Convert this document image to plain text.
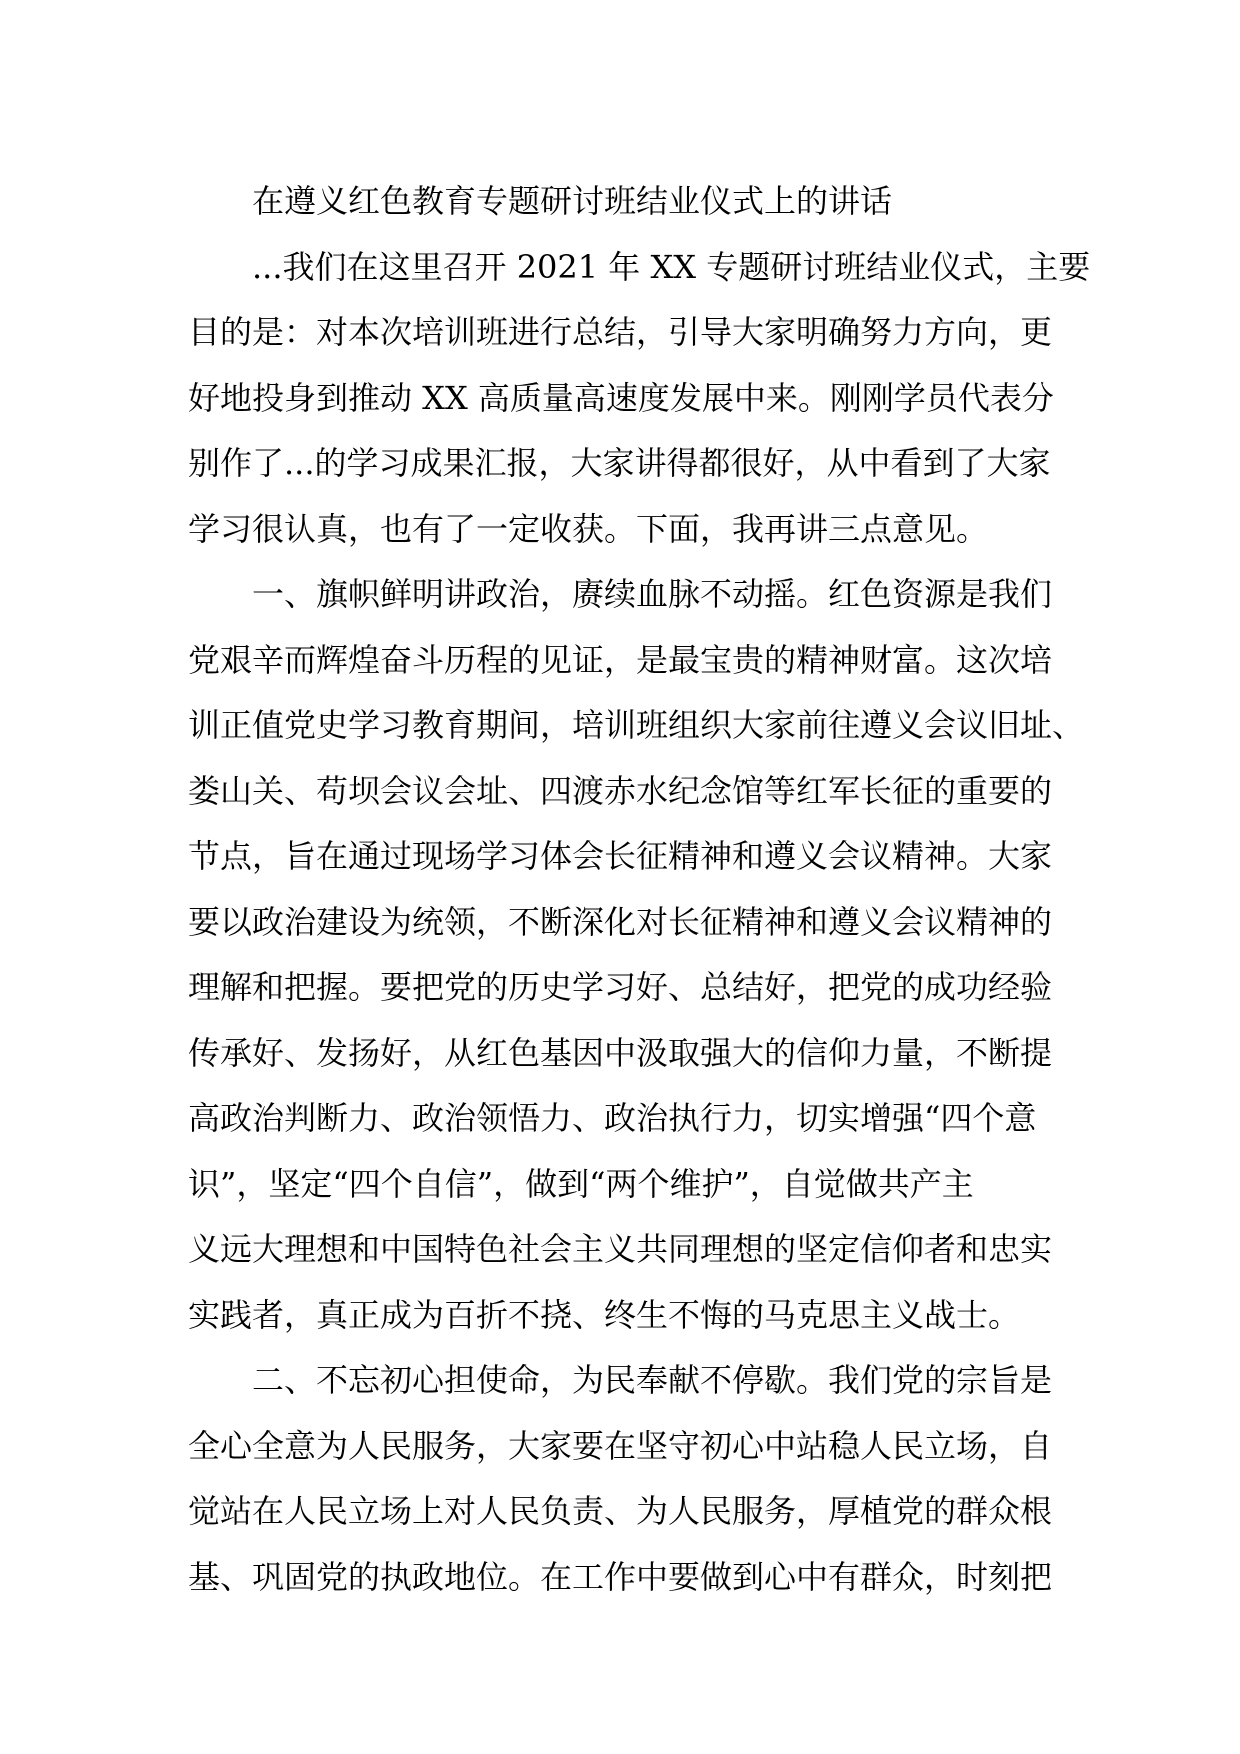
在遵义红色教育专题研讨班结业仪式上的讲话
...我们在这里召开 2021 年 XX 专题研讨班结业仪式，主要
目的是：对本次培训班进行总结，引导大家明确努力方向，更
好地投身到推动 XX 高质量高速度发展中来。刚刚学员代表分
别作了...的学习成果汇报，大家讲得都很好，从中看到了大家
学习很认真，也有了一定收获。下面，我再讲三点意见。
一、旗帜鲜明讲政治，赓续血脉不动摇。红色资源是我们
党艰辛而辉煌奋斗历程的见证，是最宝贵的精神财富。这次培
训正值党史学习教育期间，培训班组织大家前往遵义会议旧址、
娄山关、苟坝会议会址、四渡赤水纪念馆等红军长征的重要的
节点，旨在通过现场学习体会长征精神和遵义会议精神。大家
要以政治建设为统领，不断深化对长征精神和遵义会议精神的
理解和把握。要把党的历史学习好、总结好，把党的成功经验
传承好、发扬好，从红色基因中汲取强大的信仰力量，不断提
高政治判断力、政治领悟力、政治执行力，切实增强“四个意
识”，坚定“四个自信”，做到“两个维护”，自觉做共产主
义远大理想和中国特色社会主义共同理想的坚定信仰者和忠实
实践者，真正成为百折不挠、终生不悔的马克思主义战士。
二、不忘初心担使命，为民奉献不停歇。我们党的宗旨是
全心全意为人民服务，大家要在坚守初心中站稳人民立场，自
觉站在人民立场上对人民负责、为人民服务，厚植党的群众根
基、巩固党的执政地位。在工作中要做到心中有群众，时刻把
